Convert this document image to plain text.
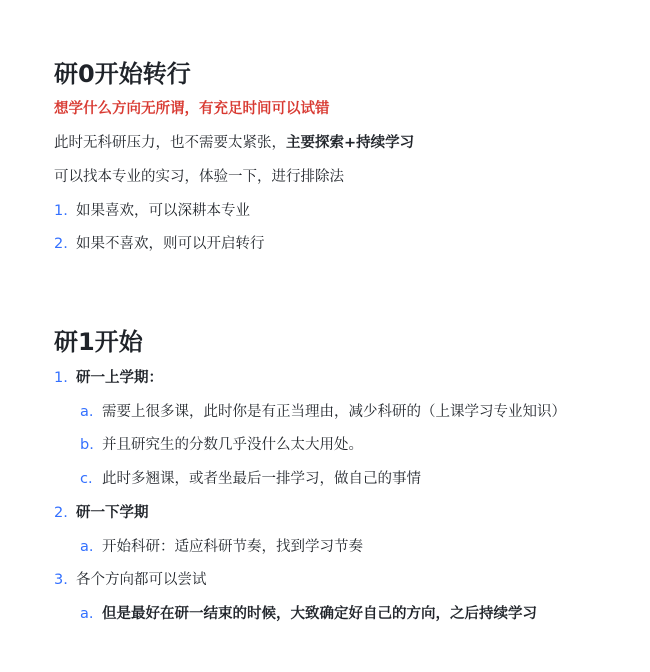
研0开始转行
想学什么方向无所谓，有充足时间可以试错
此时无科研压力，也不需要太紧张，主要探索+持续学习
可以找本专业的实习，体验一下，进行排除法
1. 如果喜欢，可以深耕本专业
2. 如果不喜欢，则可以开启转行
研1开始
1. 研一上学期：
a. 需要上很多课，此时你是有正当理由，减少科研的（上课学习专业知识）
b. 并且研究生的分数几乎没什么太大用处。
c. 此时多翘课，或者坐最后一排学习，做自己的事情
2. 研一下学期
a. 开始科研：适应科研节奏，找到学习节奏
3. 各个方向都可以尝试
a. 但是最好在研一结束的时候，大致确定好自己的方向，之后持续学习
